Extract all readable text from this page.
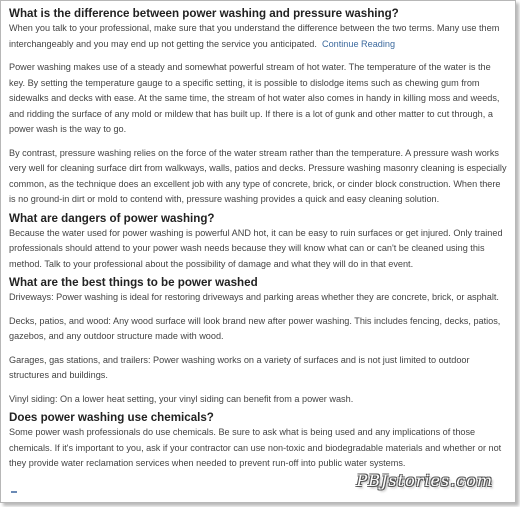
What is the difference between power washing and pressure washing?

When you talk to your professional, make sure that you understand the difference between the two terms. Many use them interchangeably and you may end up not getting the service you anticipated. Continue Reading

Power washing makes use of a steady and somewhat powerful stream of hot water. The temperature of the water is the key. By setting the temperature gauge to a specific setting, it is possible to dislodge items such as chewing gum from sidewalks and decks with ease. At the same time, the stream of hot water also comes in handy in killing moss and weeds, and ridding the surface of any mold or mildew that has built up. If there is a lot of gunk and other matter to cut through, a power wash is the way to go.

By contrast, pressure washing relies on the force of the water stream rather than the temperature. A pressure wash works very well for cleaning surface dirt from walkways, walls, patios and decks. Pressure washing masonry cleaning is especially common, as the technique does an excellent job with any type of concrete, brick, or cinder block construction. When there is no ground-in dirt or mold to contend with, pressure washing provides a quick and easy cleaning solution.

What are dangers of power washing?

Because the water used for power washing is powerful AND hot, it can be easy to ruin surfaces or get injured. Only trained professionals should attend to your power wash needs because they will know what can or can't be cleaned using this method. Talk to your professional about the possibility of damage and what they will do in that event.

What are the best things to be power washed

Driveways: Power washing is ideal for restoring driveways and parking areas whether they are concrete, brick, or asphalt.

Decks, patios, and wood: Any wood surface will look brand new after power washing. This includes fencing, decks, patios, gazebos, and any outdoor structure made with wood.

Garages, gas stations, and trailers: Power washing works on a variety of surfaces and is not just limited to outdoor structures and buildings.

Vinyl siding: On a lower heat setting, your vinyl siding can benefit from a power wash.

Does power washing use chemicals?

Some power wash professionals do use chemicals. Be sure to ask what is being used and any implications of those chemicals. If it's important to you, ask if your contractor can use non-toxic and biodegradable materials and whether or not they provide water reclamation services when needed to prevent run-off into public water systems.

PBJstories.com
